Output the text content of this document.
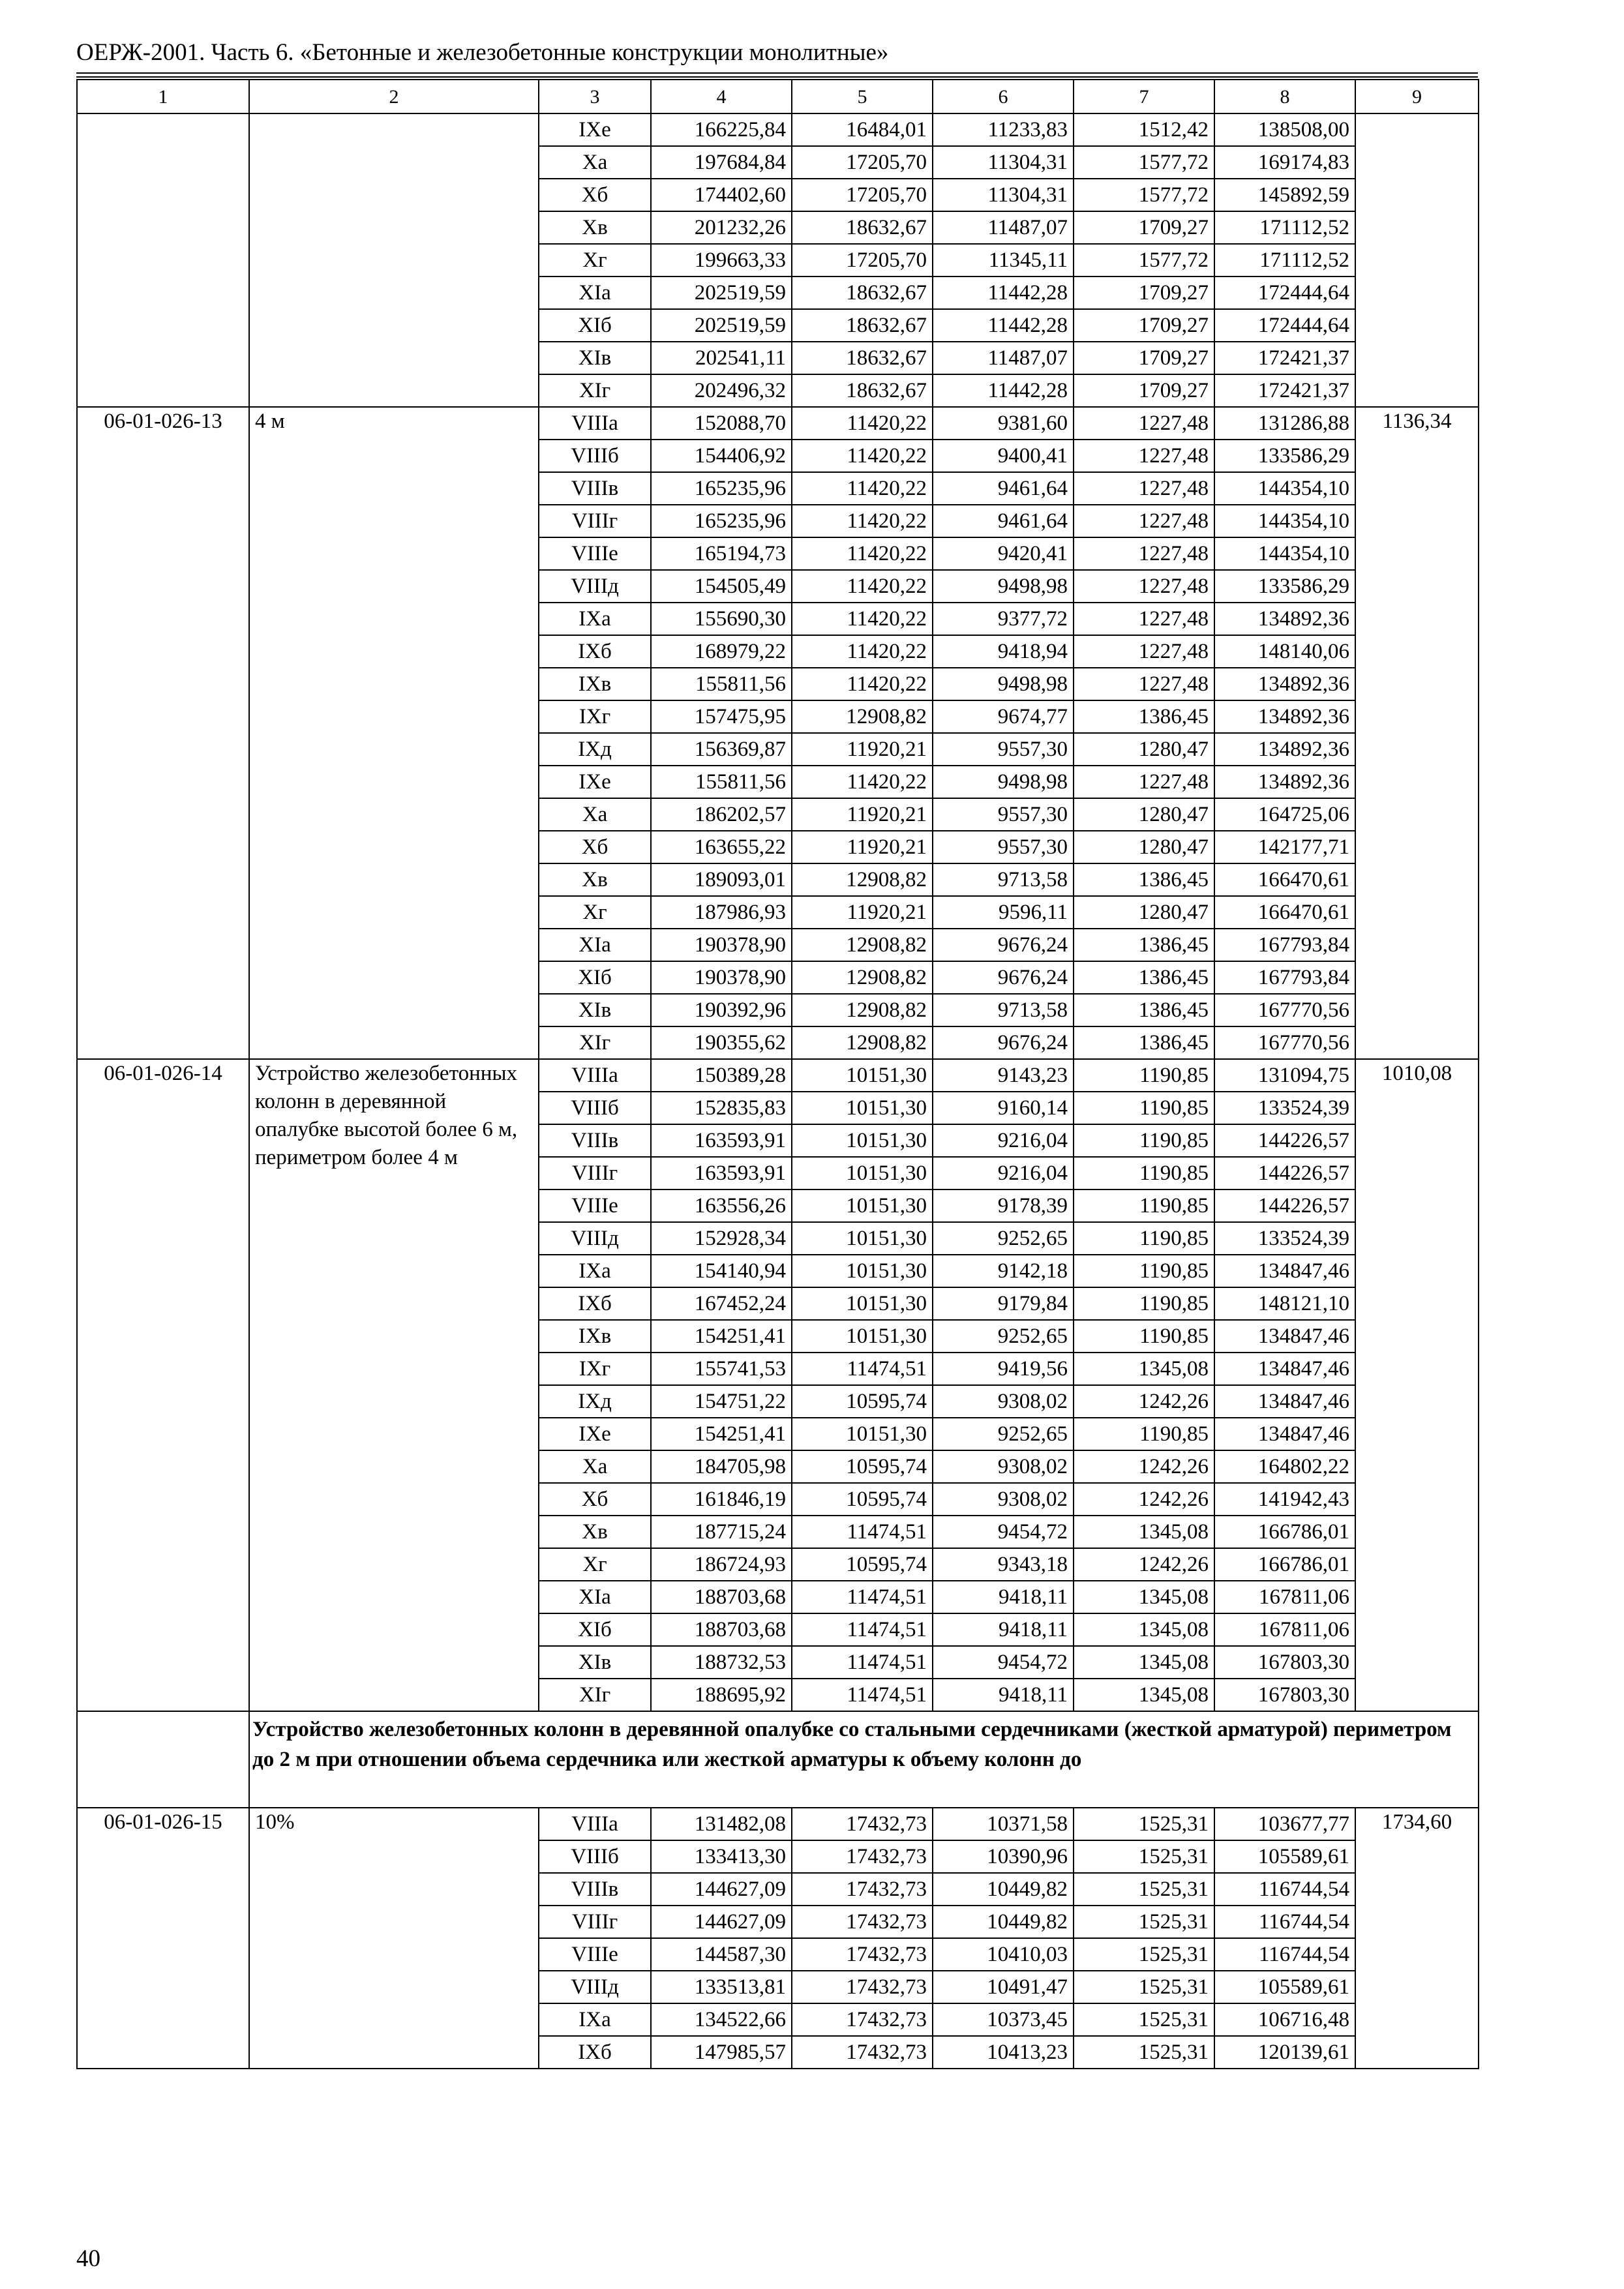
ОЕРЖ-2001. Часть 6. «Бетонные и железобетонные конструкции монолитные»
1	2	3	4	5	6	7	8	9
		IXe	166225,84	16484,01	11233,83	1512,42	138508,00	
		Xa	197684,84	17205,70	11304,31	1577,72	169174,83	
		Xб	174402,60	17205,70	11304,31	1577,72	145892,59	
		Xв	201232,26	18632,67	11487,07	1709,27	171112,52	
		Xг	199663,33	17205,70	11345,11	1577,72	171112,52	
		XIa	202519,59	18632,67	11442,28	1709,27	172444,64	
		XIб	202519,59	18632,67	11442,28	1709,27	172444,64	
		XIв	202541,11	18632,67	11487,07	1709,27	172421,37	
		XIг	202496,32	18632,67	11442,28	1709,27	172421,37	
06-01-026-13	4 м	VIIIa	152088,70	11420,22	9381,60	1227,48	131286,88	1136,34
		VIIIб	154406,92	11420,22	9400,41	1227,48	133586,29	
		VIIIв	165235,96	11420,22	9461,64	1227,48	144354,10	
		VIIIг	165235,96	11420,22	9461,64	1227,48	144354,10	
		VIIIe	165194,73	11420,22	9420,41	1227,48	144354,10	
		VIIIд	154505,49	11420,22	9498,98	1227,48	133586,29	
		IXa	155690,30	11420,22	9377,72	1227,48	134892,36	
		IXб	168979,22	11420,22	9418,94	1227,48	148140,06	
		IXв	155811,56	11420,22	9498,98	1227,48	134892,36	
		IXг	157475,95	12908,82	9674,77	1386,45	134892,36	
		IXд	156369,87	11920,21	9557,30	1280,47	134892,36	
		IXe	155811,56	11420,22	9498,98	1227,48	134892,36	
		Xa	186202,57	11920,21	9557,30	1280,47	164725,06	
		Xб	163655,22	11920,21	9557,30	1280,47	142177,71	
		Xв	189093,01	12908,82	9713,58	1386,45	166470,61	
		Xг	187986,93	11920,21	9596,11	1280,47	166470,61	
		XIa	190378,90	12908,82	9676,24	1386,45	167793,84	
		XIб	190378,90	12908,82	9676,24	1386,45	167793,84	
		XIв	190392,96	12908,82	9713,58	1386,45	167770,56	
		XIг	190355,62	12908,82	9676,24	1386,45	167770,56	
06-01-026-14	Устройство железобетонных колонн в деревянной опалубке высотой более 6 м, периметром более 4 м	VIIIa	150389,28	10151,30	9143,23	1190,85	131094,75	1010,08
		VIIIб	152835,83	10151,30	9160,14	1190,85	133524,39	
		VIIIв	163593,91	10151,30	9216,04	1190,85	144226,57	
		VIIIг	163593,91	10151,30	9216,04	1190,85	144226,57	
		VIIIe	163556,26	10151,30	9178,39	1190,85	144226,57	
		VIIIд	152928,34	10151,30	9252,65	1190,85	133524,39	
		IXa	154140,94	10151,30	9142,18	1190,85	134847,46	
		IXб	167452,24	10151,30	9179,84	1190,85	148121,10	
		IXв	154251,41	10151,30	9252,65	1190,85	134847,46	
		IXг	155741,53	11474,51	9419,56	1345,08	134847,46	
		IXд	154751,22	10595,74	9308,02	1242,26	134847,46	
		IXe	154251,41	10151,30	9252,65	1190,85	134847,46	
		Xa	184705,98	10595,74	9308,02	1242,26	164802,22	
		Xб	161846,19	10595,74	9308,02	1242,26	141942,43	
		Xв	187715,24	11474,51	9454,72	1345,08	166786,01	
		Xг	186724,93	10595,74	9343,18	1242,26	166786,01	
		XIa	188703,68	11474,51	9418,11	1345,08	167811,06	
		XIб	188703,68	11474,51	9418,11	1345,08	167811,06	
		XIв	188732,53	11474,51	9454,72	1345,08	167803,30	
		XIг	188695,92	11474,51	9418,11	1345,08	167803,30	
	Устройство железобетонных колонн в деревянной опалубке со стальными сердечниками (жесткой арматурой) периметром до 2 м при отношении объема сердечника или жесткой арматуры к объему колонн до							
06-01-026-15	10%	VIIIa	131482,08	17432,73	10371,58	1525,31	103677,77	1734,60
		VIIIб	133413,30	17432,73	10390,96	1525,31	105589,61	
		VIIIв	144627,09	17432,73	10449,82	1525,31	116744,54	
		VIIIг	144627,09	17432,73	10449,82	1525,31	116744,54	
		VIIIe	144587,30	17432,73	10410,03	1525,31	116744,54	
		VIIIд	133513,81	17432,73	10491,47	1525,31	105589,61	
		IXa	134522,66	17432,73	10373,45	1525,31	106716,48	
		IXб	147985,57	17432,73	10413,23	1525,31	120139,61	
40
